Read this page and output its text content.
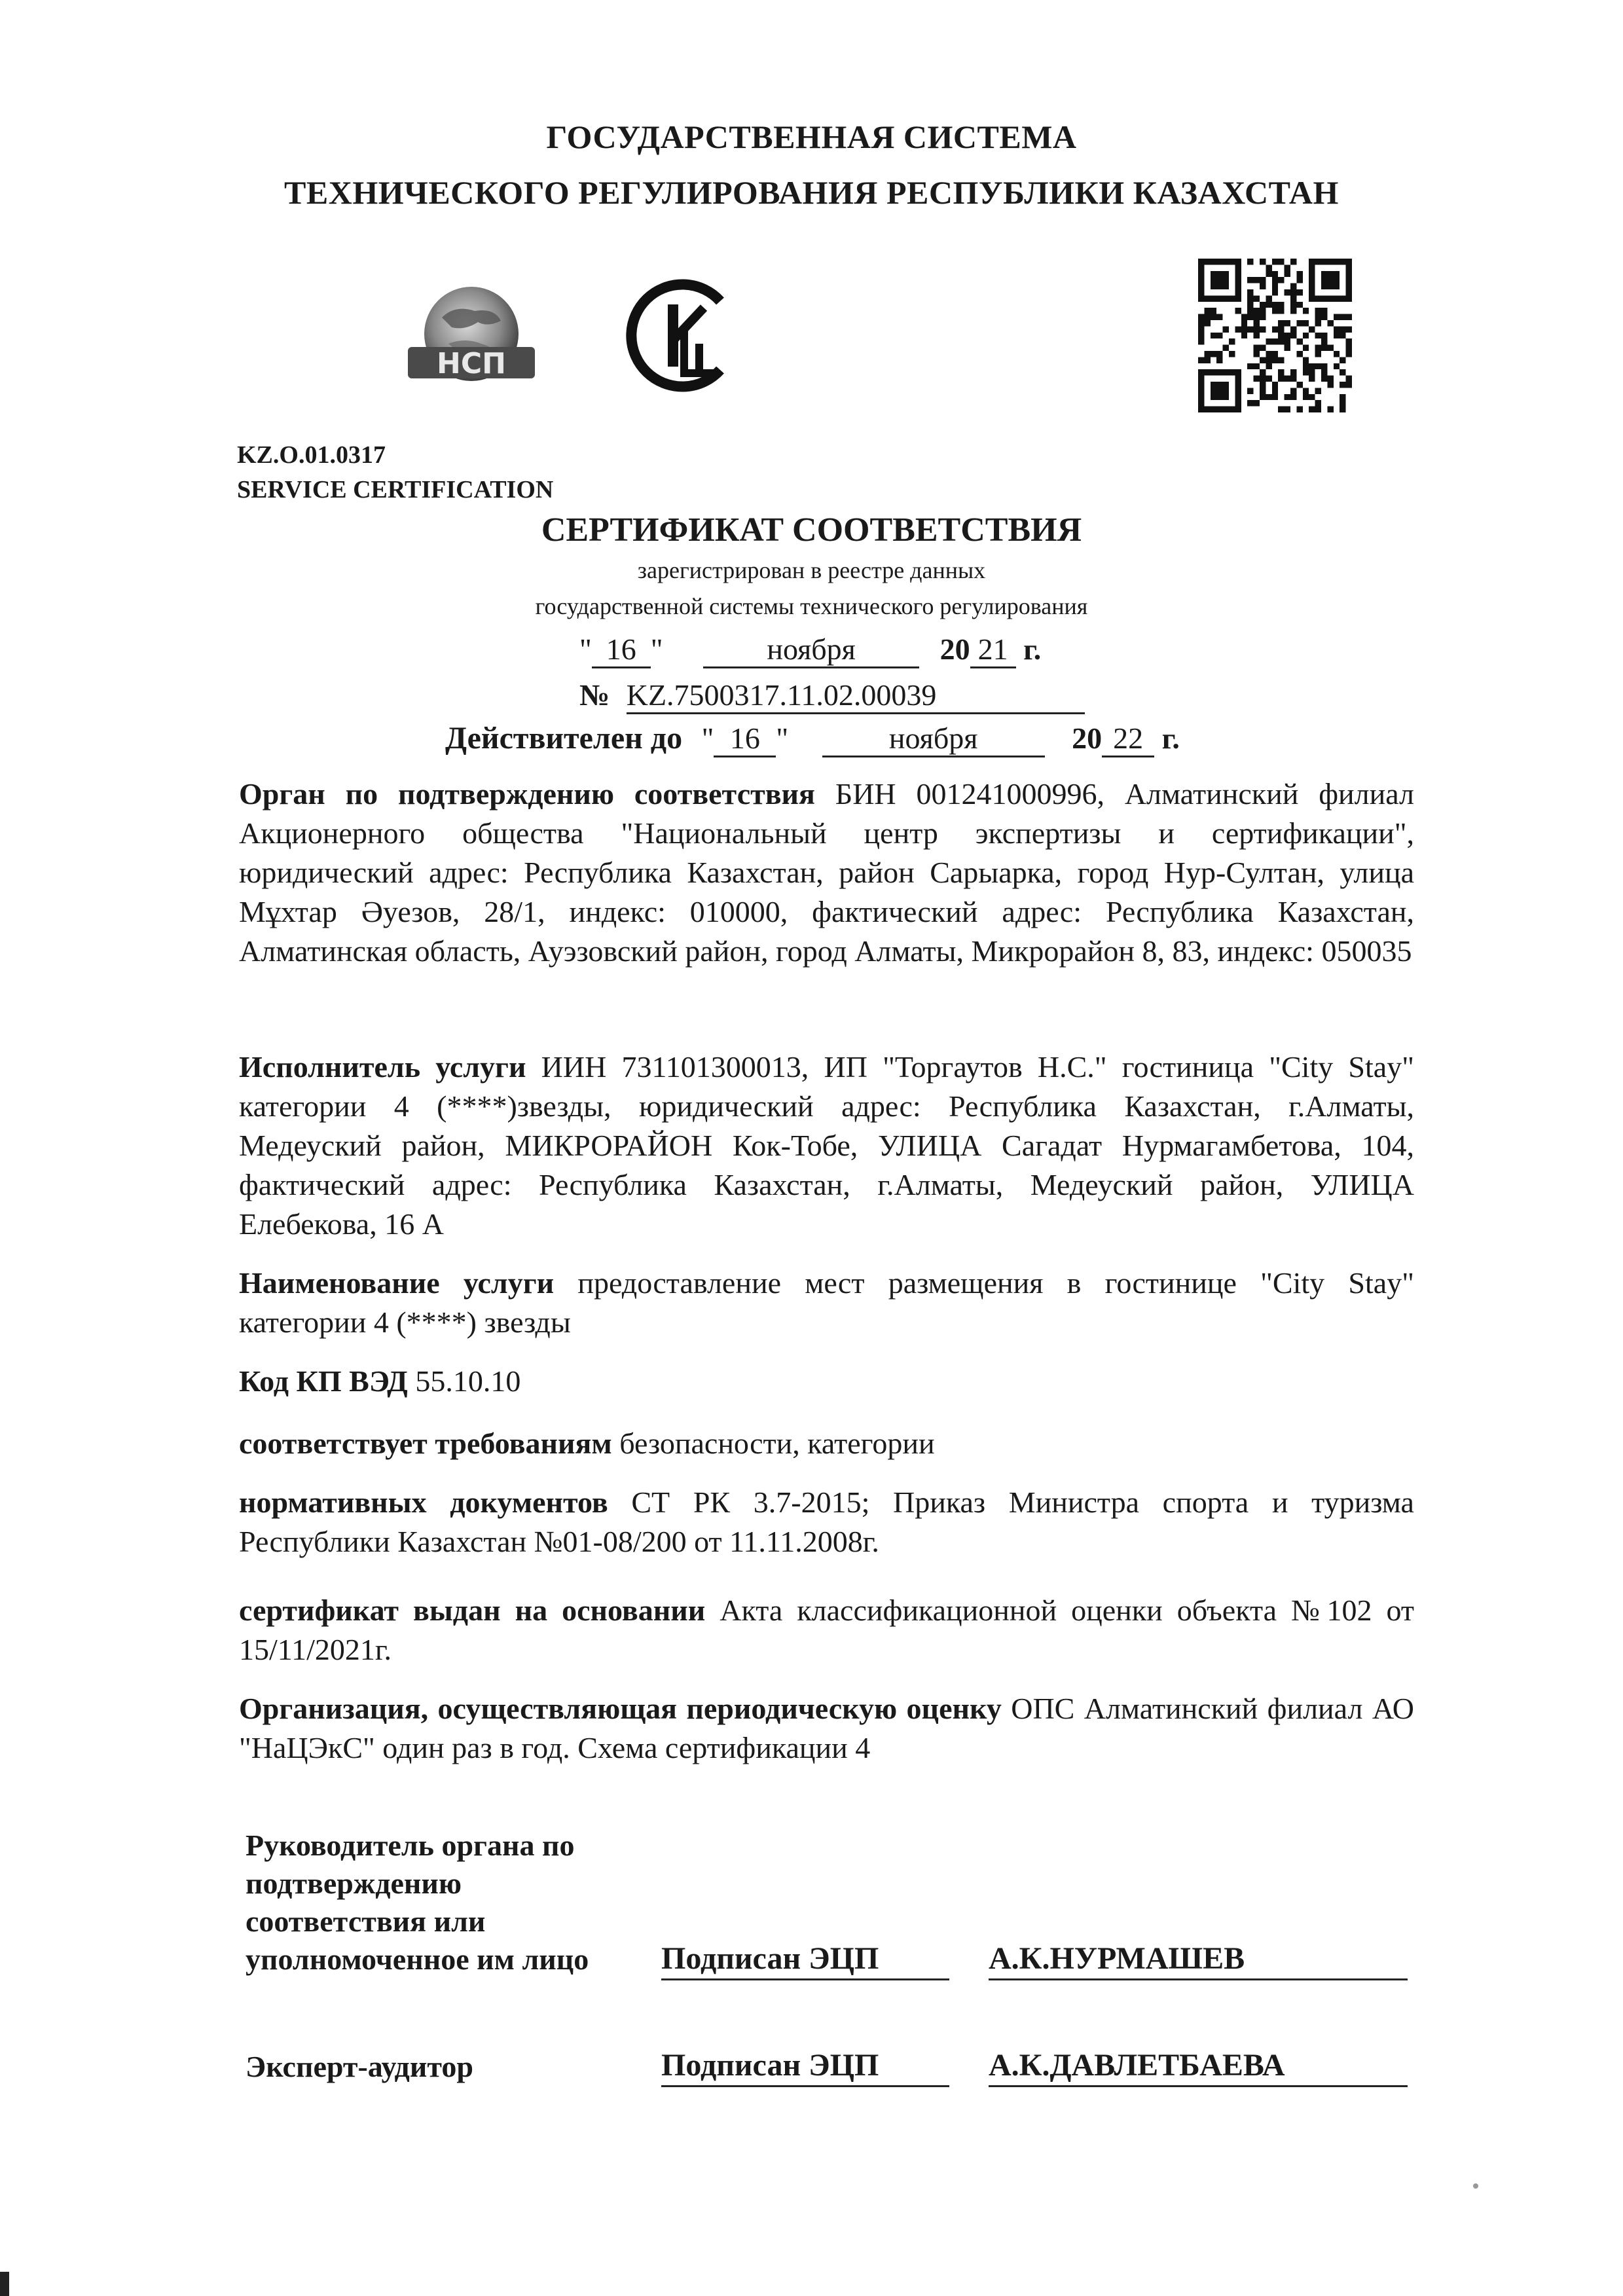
ГОСУДАРСТВЕННАЯ СИСТЕМА
ТЕХНИЧЕСКОГО РЕГУЛИРОВАНИЯ РЕСПУБЛИКИ КАЗАХСТАН
НСП
KZ.O.01.0317
SERVICE CERTIFICATION
СЕРТИФИКАТ СООТВЕТСТВИЯ
зарегистрирован в реестре данных
государственной системы технического регулирования
" 16 "	ноября	20 21 г.
№ KZ.7500317.11.02.00039
Действителен до " 16 "	ноября	20 22 г.
Орган по подтверждению соответствия БИН 001241000996, Алматинский филиал Акционерного общества "Национальный центр экспертизы и сертификации", юридический адрес: Республика Казахстан, район Сарыарка, город Нур-Султан, улица Мұхтар Әуезов, 28/1, индекс: 010000, фактический адрес: Республика Казахстан, Алматинская область, Ауэзовский район, город Алматы, Микрорайон 8, 83, индекс: 050035
Исполнитель услуги ИИН 731101300013, ИП "Торгаутов Н.С." гостиница "City Stay" категории 4 (****)звезды, юридический адрес: Республика Казахстан, г.Алматы, Медеуский район, МИКРОРАЙОН Кок-Тобе, УЛИЦА Сагадат Нурмагамбетова, 104, фактический адрес: Республика Казахстан, г.Алматы, Медеуский район, УЛИЦА Елебекова, 16 А
Наименование услуги предоставление мест размещения в гостинице "City Stay" категории 4 (****) звезды
Код КП ВЭД 55.10.10
соответствует требованиям безопасности, категории
нормативных документов СТ РК 3.7-2015; Приказ Министра спорта и туризма Республики Казахстан №01-08/200 от 11.11.2008г.
сертификат выдан на основании Акта классификационной оценки объекта №102 от 15/11/2021г.
Организация, осуществляющая периодическую оценку ОПС Алматинский филиал АО "НаЦЭкС" один раз в год. Схема сертификации 4
Руководитель органа по
подтверждению
соответствия или
уполномоченное им лицо Подписан ЭЦП	А.К.НУРМАШЕВ
Эксперт-аудитор	Подписан ЭЦП	А.К.ДАВЛЕТБАЕВА
